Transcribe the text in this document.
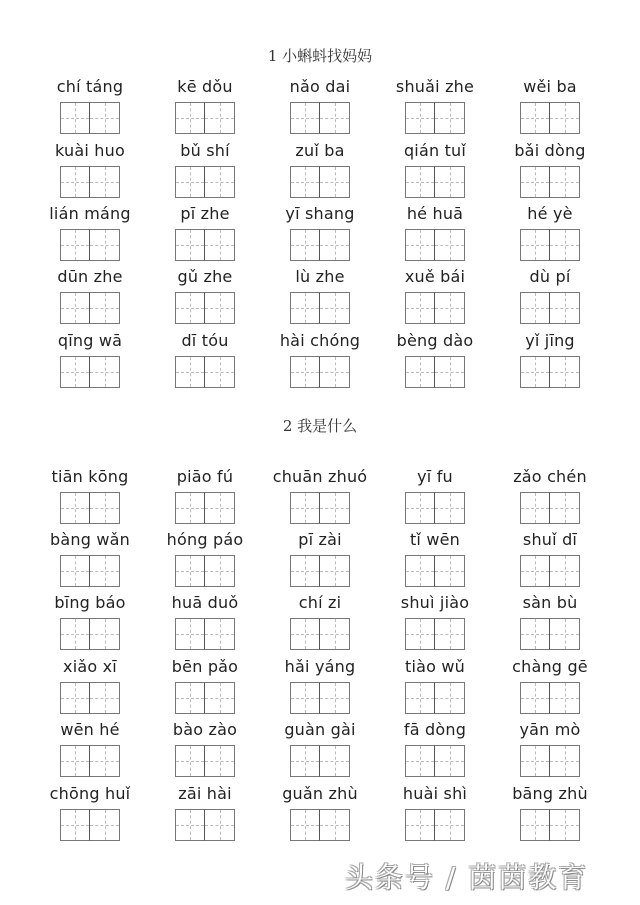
1 小蝌蚪找妈妈
chí táng	kē dǒu	nǎo dai	shuǎi zhe	wěi ba
kuài huo	bǔ shí	zuǐ ba	qián tuǐ	bǎi dòng
lián máng	pī zhe	yī shang	hé huā	hé yè
dūn zhe	gǔ zhe	lù zhe	xuě bái	dù pí
qīng wā	dī tóu	hài chóng	bèng dào	yǐ jīng
2 我是什么
tiān kōng	piāo fú	chuān zhuó	yī fu	zǎo chén
bàng wǎn	hóng páo	pī zài	tǐ wēn	shuǐ dī
bīng báo	huā duǒ	chí zi	shuì jiào	sàn bù
xiǎo xī	bēn pǎo	hǎi yáng	tiào wǔ	chàng gē
wēn hé	bào zào	guàn gài	fā dòng	yān mò
chōng huǐ	zāi hài	guǎn zhù	huài shì	bāng zhù
头条号 / 茵茵教育
